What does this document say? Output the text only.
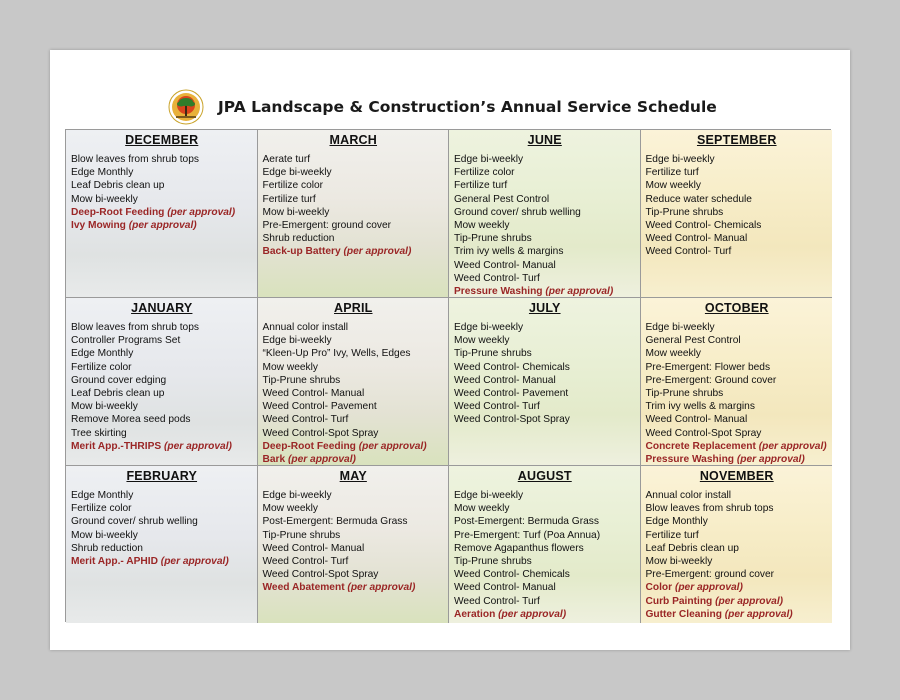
JPA Landscape & Construction’s Annual Service Schedule
DECEMBER
Blow leaves from shrub tops
Edge Monthly
Leaf Debris clean up
Mow bi-weekly
Deep-Root Feeding (per approval)
Ivy Mowing (per approval)
MARCH
Aerate turf
Edge bi-weekly
Fertilize color
Fertilize turf
Mow bi-weekly
Pre-Emergent: ground cover
Shrub reduction
Back-up Battery (per approval)
JUNE
Edge bi-weekly
Fertilize color
Fertilize turf
General Pest Control
Ground cover/ shrub welling
Mow weekly
Tip-Prune shrubs
Trim ivy wells & margins
Weed Control- Manual
Weed Control- Turf
Pressure Washing (per approval)
SEPTEMBER
Edge bi-weekly
Fertilize turf
Mow weekly
Reduce water schedule
Tip-Prune shrubs
Weed Control- Chemicals
Weed Control- Manual
Weed Control- Turf
JANUARY
Blow leaves from shrub tops
Controller Programs Set
Edge Monthly
Fertilize color
Ground cover edging
Leaf Debris clean up
Mow bi-weekly
Remove Morea seed pods
Tree skirting
Merit App.-THRIPS (per approval)
APRIL
Annual color install
Edge bi-weekly
“Kleen-Up Pro” Ivy, Wells, Edges
Mow weekly
Tip-Prune shrubs
Weed Control- Manual
Weed Control- Pavement
Weed Control- Turf
Weed Control-Spot Spray
Deep-Root Feeding (per approval)
Bark (per approval)
JULY
Edge bi-weekly
Mow weekly
Tip-Prune shrubs
Weed Control- Chemicals
Weed Control- Manual
Weed Control- Pavement
Weed Control- Turf
Weed Control-Spot Spray
OCTOBER
Edge bi-weekly
General Pest Control
Mow weekly
Pre-Emergent: Flower beds
Pre-Emergent: Ground cover
Tip-Prune shrubs
Trim ivy wells & margins
Weed Control- Manual
Weed Control-Spot Spray
Concrete Replacement (per approval)
Pressure Washing (per approval)
FEBRUARY
Edge Monthly
Fertilize color
Ground cover/ shrub welling
Mow bi-weekly
Shrub reduction
Merit App.- APHID (per approval)
MAY
Edge bi-weekly
Mow weekly
Post-Emergent: Bermuda Grass
Tip-Prune shrubs
Weed Control- Manual
Weed Control- Turf
Weed Control-Spot Spray
Weed Abatement (per approval)
AUGUST
Edge bi-weekly
Mow weekly
Post-Emergent: Bermuda Grass
Pre-Emergent: Turf (Poa Annua)
Remove Agapanthus flowers
Tip-Prune shrubs
Weed Control- Chemicals
Weed Control- Manual
Weed Control- Turf
Aeration (per approval)
NOVEMBER
Annual color install
Blow leaves from shrub tops
Edge Monthly
Fertilize turf
Leaf Debris clean up
Mow bi-weekly
Pre-Emergent: ground cover
Color (per approval)
Curb Painting (per approval)
Gutter Cleaning (per approval)
